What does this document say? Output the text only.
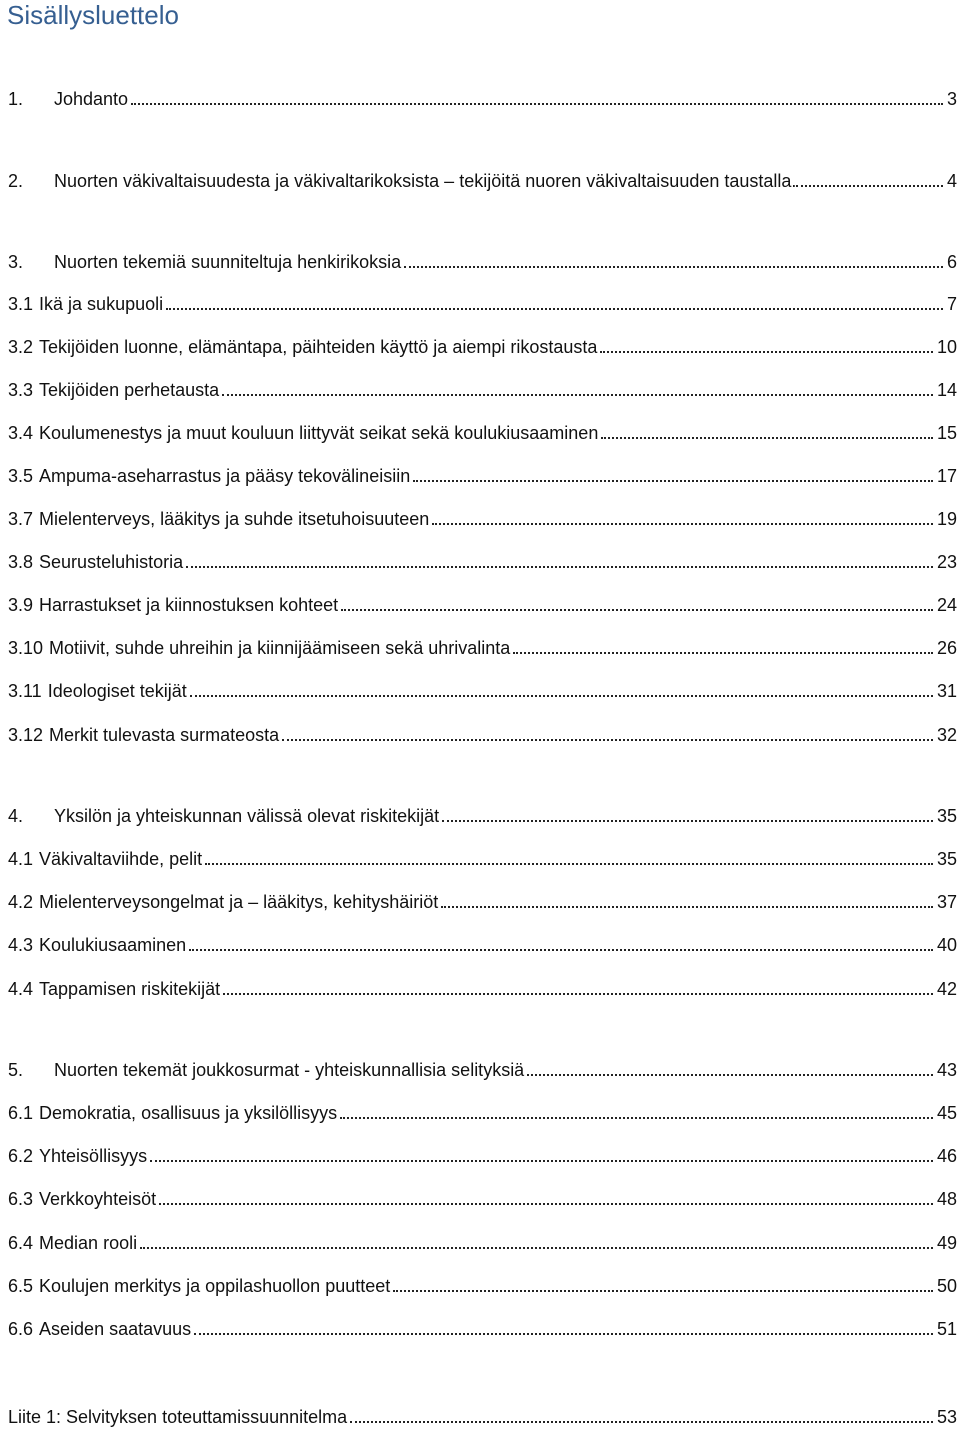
Sisällysluettelo
1.	Johdanto	3
2.	Nuorten väkivaltaisuudesta ja väkivaltarikoksista – tekijöitä nuoren väkivaltaisuuden taustalla.	4
3.	Nuorten tekemiä suunniteltuja henkirikoksia	6
3.1 Ikä ja sukupuoli	7
3.2 Tekijöiden luonne, elämäntapa, päihteiden käyttö ja aiempi rikostausta	10
3.3 Tekijöiden perhetausta	14
3.4 Koulumenestys ja muut kouluun liittyvät seikat sekä koulukiusaaminen	15
3.5 Ampuma-aseharrastus ja pääsy tekovälineisiin	17
3.7 Mielenterveys, lääkitys ja suhde itsetuhoisuuteen	19
3.8 Seurusteluhistoria	23
3.9 Harrastukset ja kiinnostuksen kohteet	24
3.10 Motiivit, suhde uhreihin ja kiinnijäämiseen sekä uhrivalinta	26
3.11 Ideologiset tekijät	31
3.12 Merkit tulevasta surmateosta	32
4.	Yksilön ja yhteiskunnan välissä olevat riskitekijät	35
4.1 Väkivaltaviihde, pelit	35
4.2 Mielenterveysongelmat ja – lääkitys, kehityshäiriöt	37
4.3 Koulukiusaaminen	40
4.4 Tappamisen riskitekijät	42
5.	Nuorten tekemät joukkosurmat - yhteiskunnallisia selityksiä	43
6.1 Demokratia, osallisuus ja yksilöllisyys	45
6.2 Yhteisöllisyys	46
6.3 Verkkoyhteisöt	48
6.4 Median rooli	49
6.5 Koulujen merkitys ja oppilashuollon puutteet	50
6.6 Aseiden saatavuus	51
Liite 1: Selvityksen toteuttamissuunnitelma	53
